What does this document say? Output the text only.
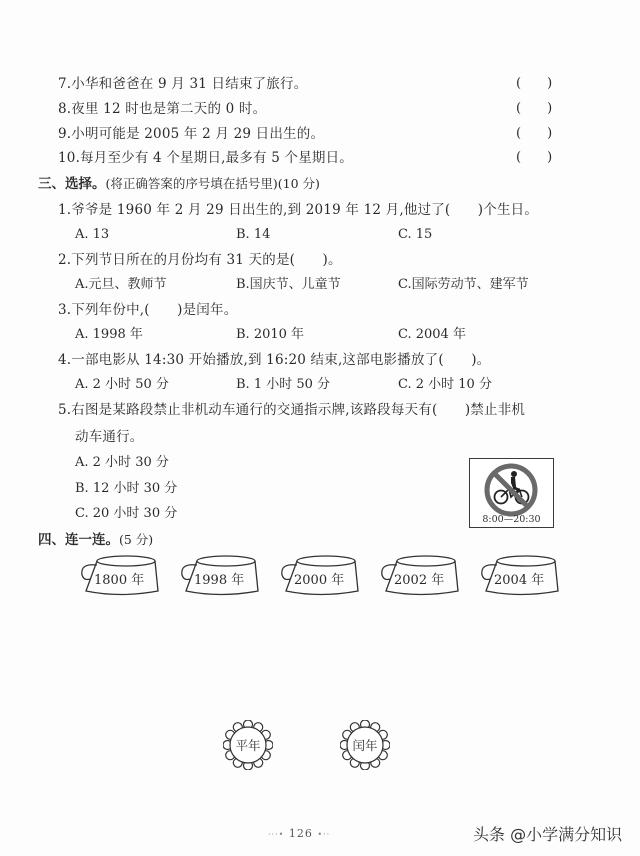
7.小华和爸爸在 9 月 31 日结束了旅行。	(　　)
8.夜里 12 时也是第二天的 0 时。	(　　)
9.小明可能是 2005 年 2 月 29 日出生的。	(　　)
10.每月至少有 4 个星期日,最多有 5 个星期日。	(　　)
三、选择。(将正确答案的序号填在括号里)(10 分)
1.爷爷是 1960 年 2 月 29 日出生的,到 2019 年 12 月,他过了(　　)个生日。
A. 13	B. 14	C. 15
2.下列节日所在的月份均有 31 天的是(　　)。
A.元旦、教师节	B.国庆节、儿童节	C.国际劳动节、建军节
3.下列年份中,(　　)是闰年。
A. 1998 年	B. 2010 年	C. 2004 年
4.一部电影从 14:30 开始播放,到 16:20 结束,这部电影播放了(　　)。
A. 2 小时 50 分	B. 1 小时 50 分	C. 2 小时 10 分
5.右图是某路段禁止非机动车通行的交通指示牌,该路段每天有(　　)禁止非机
动车通行。
A. 2 小时 30 分
B. 12 小时 30 分
C. 20 小时 30 分	8:00—20:30
四、连一连。(5 分)
1800 年	1998 年	2000 年	2002 年	2004 年
平年	闰年
···• 126 •··	头条 @小学满分知识
